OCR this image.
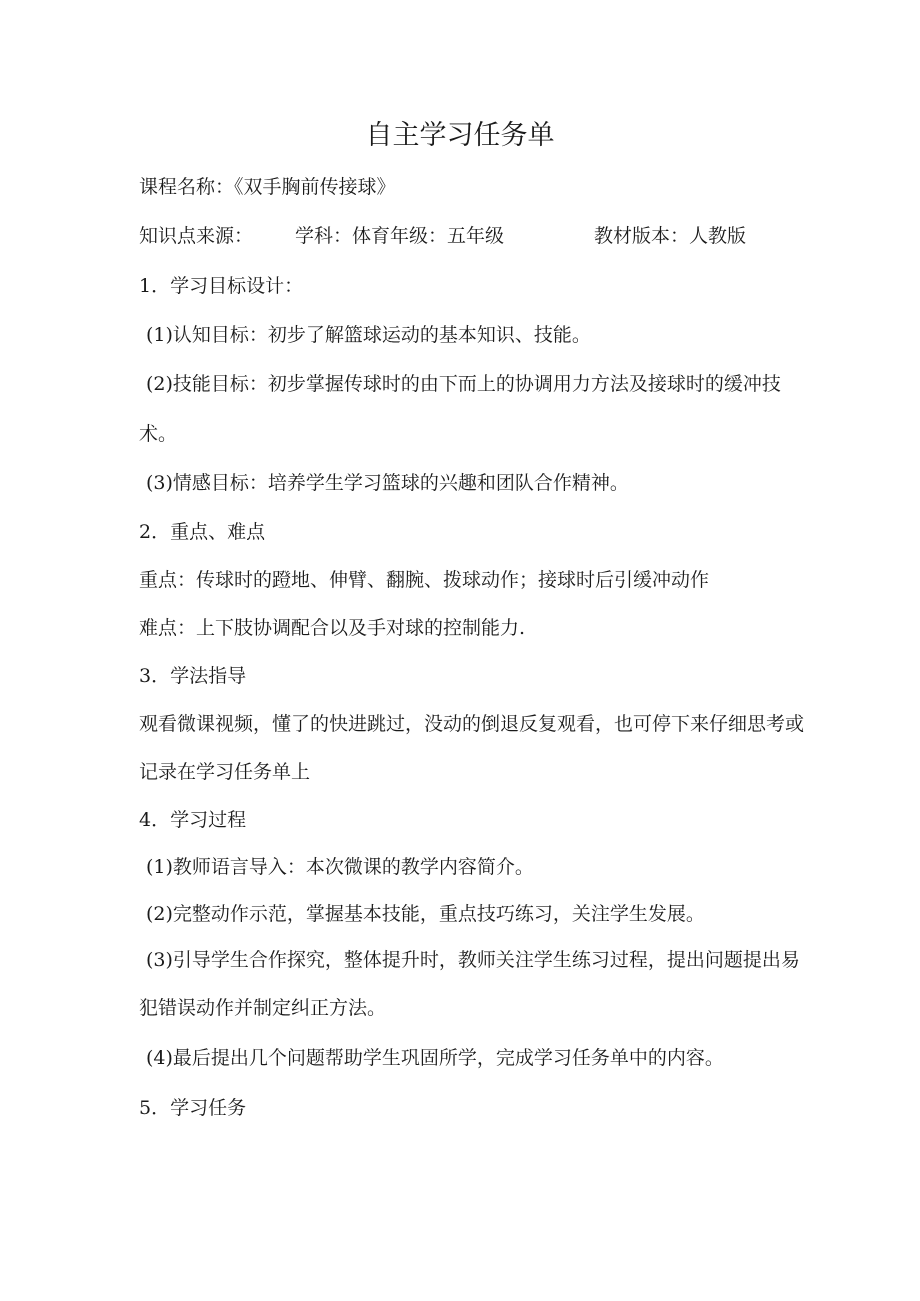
自主学习任务单

课程名称：《双手胸前传接球》

知识点来源： 学科：体育年级：五年级	教材版本：人教版

1．学习目标设计：

(1)认知目标：初步了解篮球运动的基本知识、技能。

(2)技能目标：初步掌握传球时的由下而上的协调用力方法及接球时的缓冲技

术。

(3)情感目标：培养学生学习篮球的兴趣和团队合作精神。

2．重点、难点

重点：传球时的蹬地、伸臂、翻腕、拨球动作；接球时后引缓冲动作

难点：上下肢协调配合以及手对球的控制能力.

3．学法指导

观看微课视频，懂了的快进跳过，没动的倒退反复观看，也可停下来仔细思考或

记录在学习任务单上

4．学习过程

(1)教师语言导入：本次微课的教学内容简介。

(2)完整动作示范，掌握基本技能，重点技巧练习，关注学生发展。

(3)引导学生合作探究，整体提升时，教师关注学生练习过程，提出问题提出易

犯错误动作并制定纠正方法。

(4)最后提出几个问题帮助学生巩固所学，完成学习任务单中的内容。

5．学习任务
